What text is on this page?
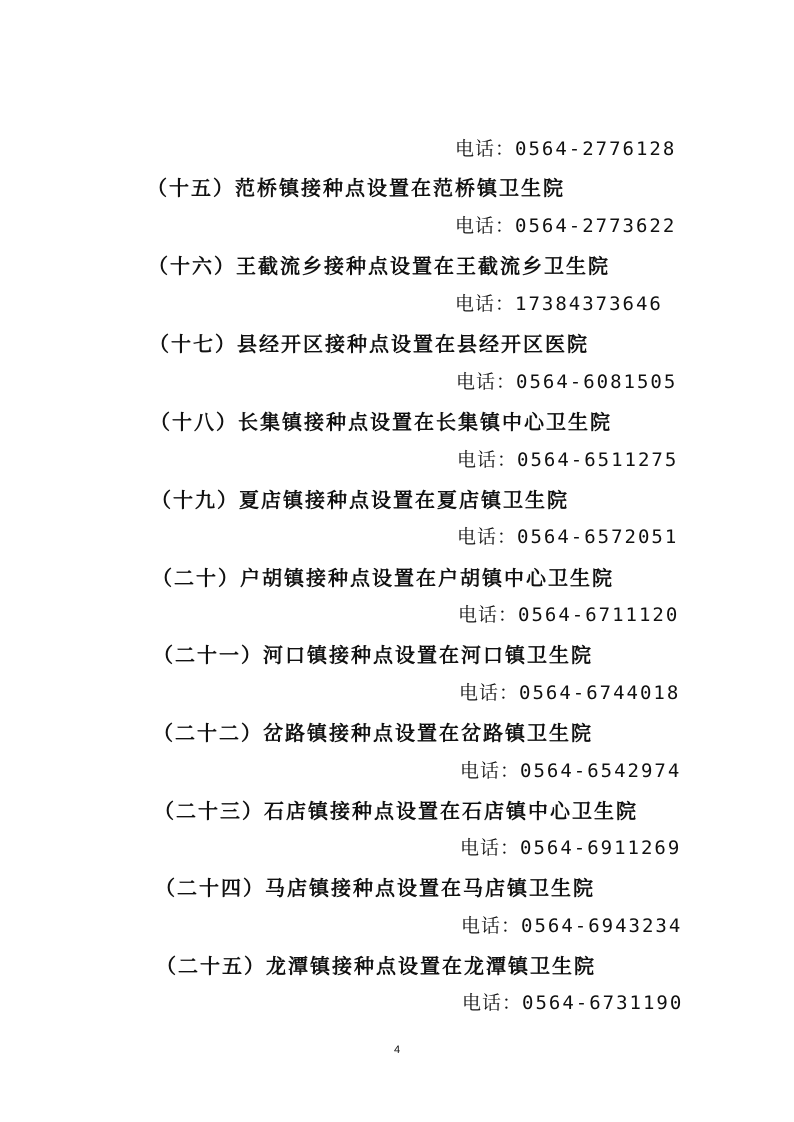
电话：0564-2776128
（十五）范桥镇接种点设置在范桥镇卫生院
电话：0564-2773622
（十六）王截流乡接种点设置在王截流乡卫生院
电话：17384373646
（十七）县经开区接种点设置在县经开区医院
电话：0564-6081505
（十八）长集镇接种点设置在长集镇中心卫生院
电话：0564-6511275
（十九）夏店镇接种点设置在夏店镇卫生院
电话：0564-6572051
（二十）户胡镇接种点设置在户胡镇中心卫生院
电话：0564-6711120
（二十一）河口镇接种点设置在河口镇卫生院
电话：0564-6744018
（二十二）岔路镇接种点设置在岔路镇卫生院
电话：0564-6542974
（二十三）石店镇接种点设置在石店镇中心卫生院
电话：0564-6911269
（二十四）马店镇接种点设置在马店镇卫生院
电话：0564-6943234
（二十五）龙潭镇接种点设置在龙潭镇卫生院
电话：0564-6731190
4
